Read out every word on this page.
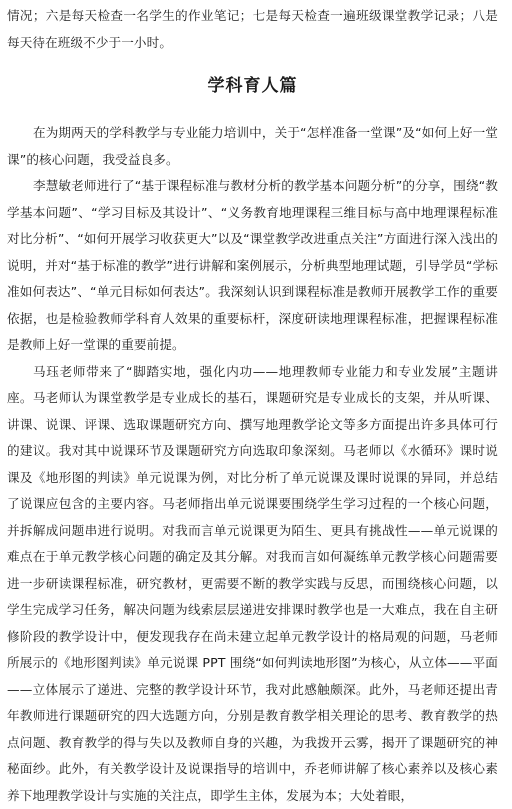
情况；六是每天检查一名学生的作业笔记；七是每天检查一遍班级课堂教学记录；八是每天待在班级不少于一小时。

学科育人篇

在为期两天的学科教学与专业能力培训中，关于“怎样准备一堂课”及“如何上好一堂课”的核心问题，我受益良多。

李慧敏老师进行了“基于课程标准与教材分析的教学基本问题分析”的分享，围绕“教学基本问题”、“学习目标及其设计”、“义务教育地理课程三维目标与高中地理课程标准对比分析”、“如何开展学习收获更大”以及“课堂教学改进重点关注”方面进行深入浅出的说明，并对“基于标准的教学”进行讲解和案例展示，分析典型地理试题，引导学员“学标准如何表达”、“单元目标如何表达”。我深刻认识到课程标准是教师开展教学工作的重要依据，也是检验教师学科育人效果的重要标杆，深度研读地理课程标准，把握课程标准是教师上好一堂课的重要前提。

马珏老师带来了“脚踏实地，强化内功——地理教师专业能力和专业发展”主题讲座。马老师认为课堂教学是专业成长的基石，课题研究是专业成长的支架，并从听课、讲课、说课、评课、选取课题研究方向、撰写地理教学论文等多方面提出许多具体可行的建议。我对其中说课环节及课题研究方向选取印象深刻。马老师以《水循环》课时说课及《地形图的判读》单元说课为例，对比分析了单元说课及课时说课的异同，并总结了说课应包含的主要内容。马老师指出单元说课要围绕学生学习过程的一个核心问题，并拆解成问题串进行说明。对我而言单元说课更为陌生、更具有挑战性——单元说课的难点在于单元教学核心问题的确定及其分解。对我而言如何凝练单元教学核心问题需要进一步研读课程标准，研究教材，更需要不断的教学实践与反思，而围绕核心问题，以学生完成学习任务，解决问题为线索层层递进安排课时教学也是一大难点，我在自主研修阶段的教学设计中，便发现我存在尚未建立起单元教学设计的格局观的问题，马老师所展示的《地形图判读》单元说课 PPT 围绕“如何判读地形图”为核心，从立体——平面——立体展示了递进、完整的教学设计环节，我对此感触颇深。此外，马老师还提出青年教师进行课题研究的四大选题方向，分别是教育教学相关理论的思考、教育教学的热点问题、教育教学的得与失以及教师自身的兴趣，为我拨开云雾，揭开了课题研究的神秘面纱。此外，有关教学设计及说课指导的培训中，乔老师讲解了核心素养以及核心素养下地理教学设计与实施的关注点，即学生主体，发展为本；大处着眼，
